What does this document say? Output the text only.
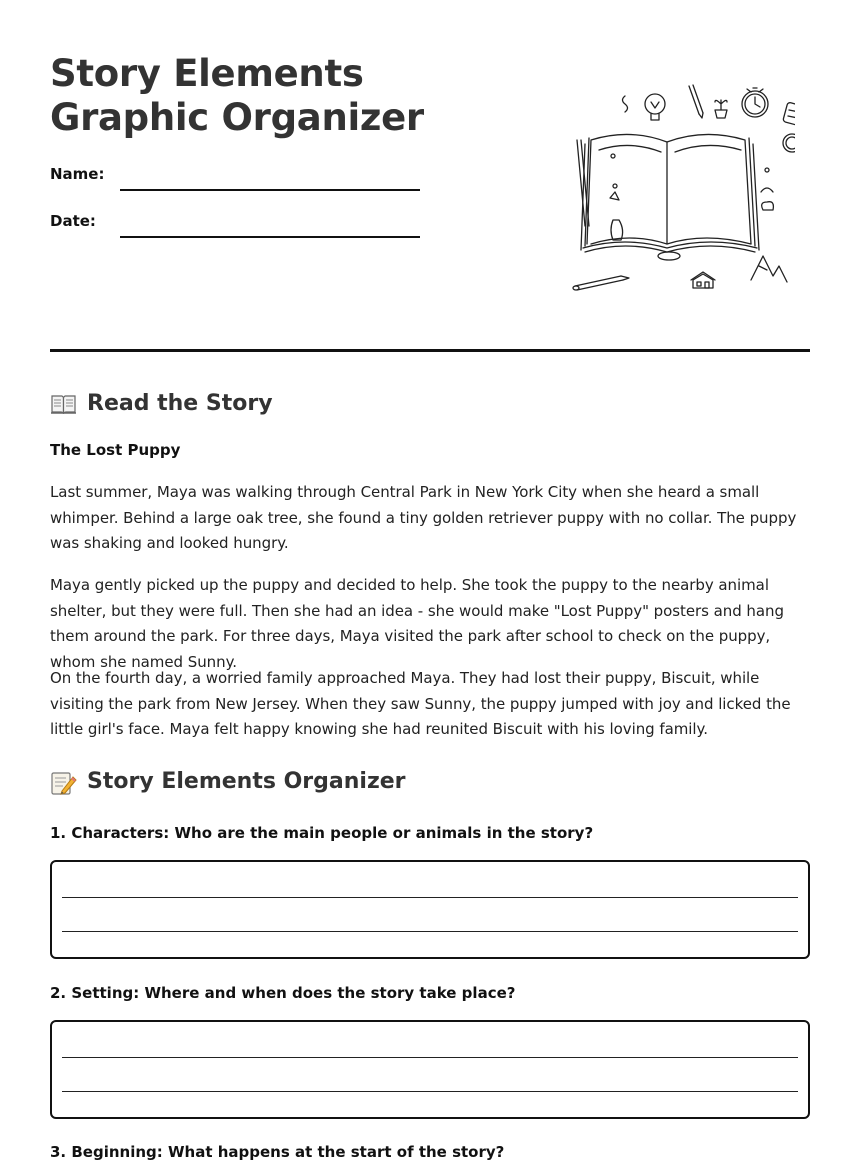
Story Elements Graphic Organizer
Name:
Date:
Read the Story
The Lost Puppy

Last summer, Maya was walking through Central Park in New York City when she heard a small whimper. Behind a large oak tree, she found a tiny golden retriever puppy with no collar. The puppy was shaking and looked hungry.

Maya gently picked up the puppy and decided to help. She took the puppy to the nearby animal shelter, but they were full. Then she had an idea - she would make "Lost Puppy" posters and hang them around the park. For three days, Maya visited the park after school to check on the puppy, whom she named Sunny.

On the fourth day, a worried family approached Maya. They had lost their puppy, Biscuit, while visiting the park from New Jersey. When they saw Sunny, the puppy jumped with joy and licked the little girl's face. Maya felt happy knowing she had reunited Biscuit with his loving family.

Story Elements Organizer
1. Characters: Who are the main people or animals in the story?
2. Setting: Where and when does the story take place?
3. Beginning: What happens at the start of the story?
